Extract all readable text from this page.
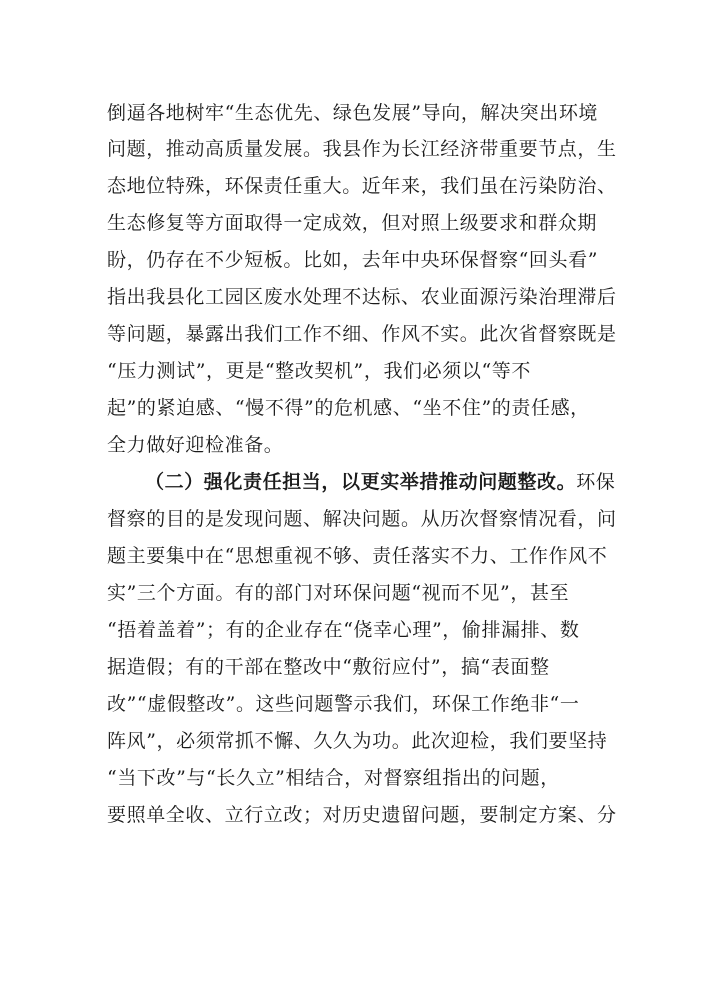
倒逼各地树牢“生态优先、绿色发展”导向，解决突出环境
问题，推动高质量发展。我县作为长江经济带重要节点，生
态地位特殊，环保责任重大。近年来，我们虽在污染防治、
生态修复等方面取得一定成效，但对照上级要求和群众期
盼，仍存在不少短板。比如，去年中央环保督察“回头看”
指出我县化工园区废水处理不达标、农业面源污染治理滞后
等问题，暴露出我们工作不细、作风不实。此次省督察既是
“压力测试”，更是“整改契机”，我们必须以“等不
起”的紧迫感、“慢不得”的危机感、“坐不住”的责任感，
全力做好迎检准备。
（二）强化责任担当，以更实举措推动问题整改。环保
督察的目的是发现问题、解决问题。从历次督察情况看，问
题主要集中在“思想重视不够、责任落实不力、工作作风不
实”三个方面。有的部门对环保问题“视而不见”，甚至
“捂着盖着”；有的企业存在“侥幸心理”，偷排漏排、数
据造假；有的干部在整改中“敷衍应付”，搞“表面整
改”“虚假整改”。这些问题警示我们，环保工作绝非“一
阵风”，必须常抓不懈、久久为功。此次迎检，我们要坚持
“当下改”与“长久立”相结合，对督察组指出的问题，
要照单全收、立行立改；对历史遗留问题，要制定方案、分
